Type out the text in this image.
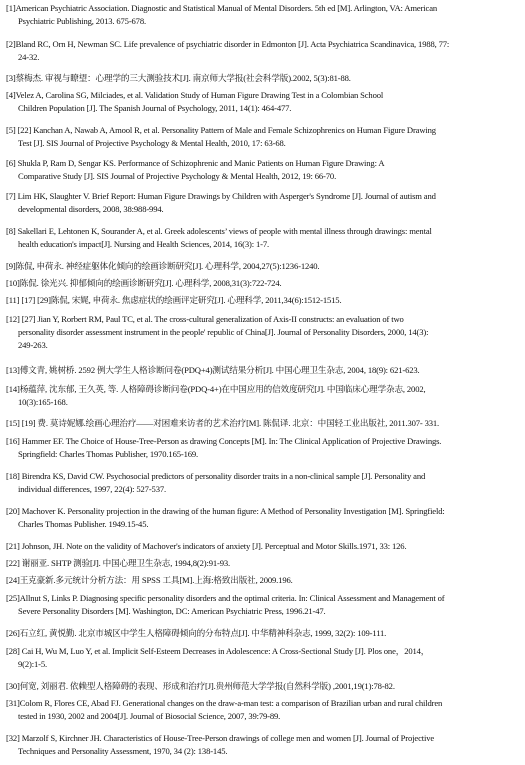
[1]American Psychiatric Association. Diagnostic and Statistical Manual of Mental Disorders. 5th ed [M]. Arlington, VA: American
Psychiatric Publishing, 2013. 675-678.
[2]Bland RC, Orn H, Newman SC. Life prevalence of psychiatric disorder in Edmonton [J]. Acta Psychiatrica Scandinavica, 1988, 77:
24-32.
[3]蔡梅杰. 审视与瞭望：心理学的三大测验技术[J]. 南京师大学报(社会科学版).2002, 5(3):81-88.
[4]Velez A, Carolina SG, Milciades, et al. Validation Study of Human Figure Drawing Test in a Colombian School
Children Population [J]. The Spanish Journal of Psychology, 2011, 14(1): 464-477.
[5] [22] Kanchan A, Nawab A, Amool R, et al. Personality Pattern of Male and Female Schizophrenics on Human Figure Drawing
Test [J]. SIS Journal of Projective Psychology & Mental Health, 2010, 17: 63-68.
[6] Shukla P, Ram D, Sengar KS. Performance of Schizophrenic and Manic Patients on Human Figure Drawing: A
Comparative Study [J]. SIS Journal of Projective Psychology & Mental Health, 2012, 19: 66-70.
[7] Lim HK, Slaughter V. Brief Report: Human Figure Drawings by Children with Asperger's Syndrome [J]. Journal of autism and
developmental disorders, 2008, 38:988-994.
[8] Sakellari E, Lehtonen K, Sourander A, et al. Greek adolescents’ views of people with mental illness through drawings: mental
health education's impact[J]. Nursing and Health Sciences, 2014, 16(3): 1-7.
[9]陈侃, 申荷永. 神经症躯体化倾向的绘画诊断研究[J]. 心理科学, 2004,27(5):1236-1240.
[10]陈侃. 徐光兴. 抑郁倾向的绘画诊断研究[J]. 心理科学, 2008,31(3):722-724.
[11] [17] [29]陈侃, 宋娓, 申荷永. 焦虑症状的绘画评定研究[J]. 心理科学, 2011,34(6):1512-1515.
[12] [27] Jian Y, Rorbert RM, Paul TC, et al. The cross-cultural generalization of Axis-II constructs: an evaluation of two
personality disorder assessment instrument in the people' republic of China[J]. Journal of Personality Disorders, 2000, 14(3):
249-263.
[13]傅文青, 姚树桥. 2592 例大学生人格诊断问卷(PDQ+4)测试结果分析[J]. 中国心理卫生杂志, 2004, 18(9): 621-623.
[14]杨蕴萍, 沈东郁, 王久英, 等. 人格障碍诊断问卷(PDQ-4+)在中国应用的信效度研究[J]. 中国临床心理学杂志, 2002,
10(3):165-168.
[15] [19] 费. 莫诗妮娜.绘画心理治疗——对困难来访者的艺术治疗[M]. 陈侃译. 北京：中国轻工业出版社, 2011.307- 331.
[16] Hammer EF. The Choice of House-Tree-Person as drawing Concepts [M]. In: The Clinical Application of Projective Drawings.
Springfield: Charles Thomas Publisher, 1970.165-169.
[18] Birendra KS, David CW. Psychosocial predictors of personality disorder traits in a non-clinical sample [J]. Personality and
individual differences, 1997, 22(4): 527-537.
[20] Machover K. Personality projection in the drawing of the human figure: A Method of Personality Investigation [M]. Springfield:
Charles Thomas Publisher. 1949.15-45.
[21] Johnson, JH. Note on the validity of Machover's indicators of anxiety [J]. Perceptual and Motor Skills.1971, 33: 126.
[22] 谢丽亚. SHTP 测验[J]. 中国心理卫生杂志, 1994,8(2):91-93.
[24]王克豪新.多元统计分析方法：用 SPSS 工具[M].上海:格致出版社, 2009.196.
[25]Allnut S, Links P. Diagnosing specific personality disorders and the optimal criteria. In: Clinical Assessment and Management of
Severe Personality Disorders [M]. Washington, DC: American Psychiatric Press, 1996.21-47.
[26]石立红, 黄悦勤. 北京市城区中学生人格障碍倾向的分布特点[J]. 中华精神科杂志, 1999, 32(2): 109-111.
[28] Cai H, Wu M, Luo Y, et al. Implicit Self-Esteem Decreases in Adolescence: A Cross-Sectional Study [J]. Plos one，2014，
9(2):1-5.
[30]何宽, 刘丽君. 依赖型人格障碍的表现、形成和治疗[J].贵州师范大学学报(自然科学版) ,2001,19(1):78-82.
[31]Colom R, Flores CE, Abad FJ. Generational changes on the draw-a-man test: a comparison of Brazilian urban and rural children
tested in 1930, 2002 and 2004[J]. Journal of Biosocial Science, 2007, 39:79-89.
[32] Marzolf S, Kirchner JH. Characteristics of House-Tree-Person drawings of college men and women [J]. Journal of Projective
Techniques and Personality Assessment, 1970, 34 (2): 138-145.
